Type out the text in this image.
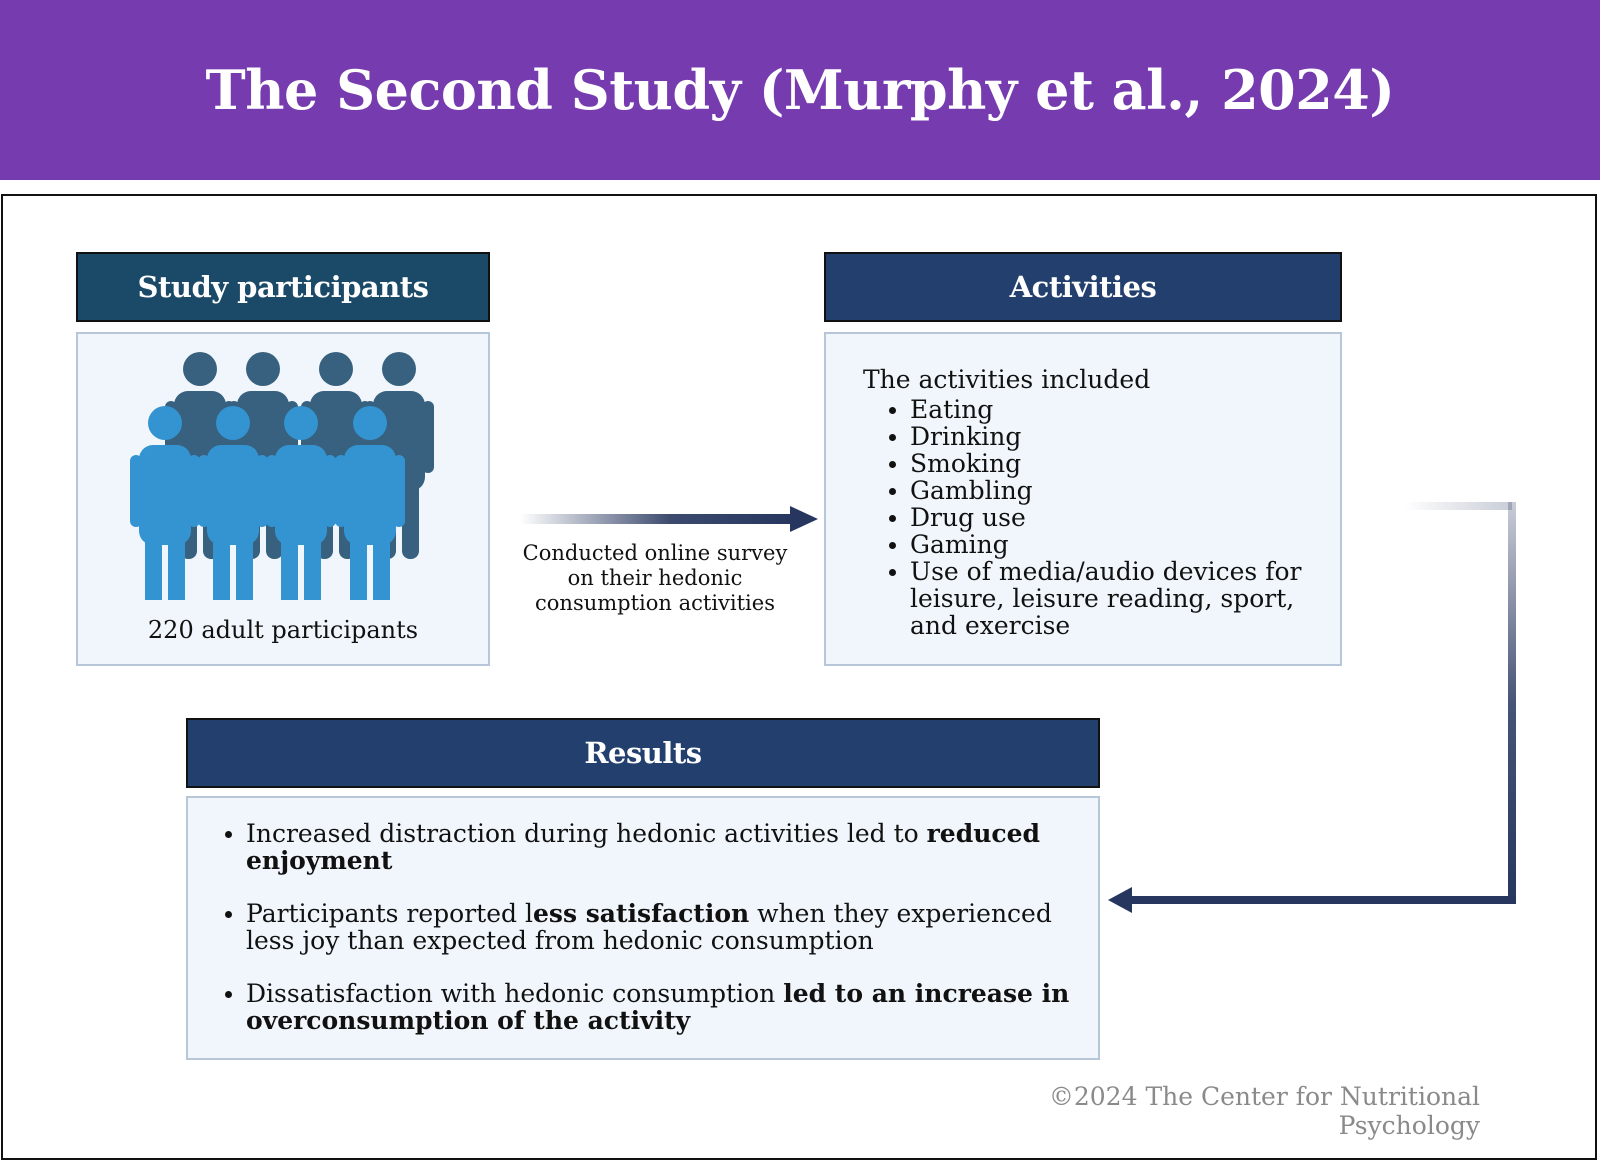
The Second Study (Murphy et al., 2024)
Study participants
220 adult participants
Activities
The activities included
Eating
Drinking
Smoking
Gambling
Drug use
Gaming
Use of media/audio devices for leisure, leisure reading, sport, and exercise
Conducted online survey on their hedonic consumption activities
Results
Increased distraction during hedonic activities led to reduced enjoyment
Participants reported less satisfaction when they experienced less joy than expected from hedonic consumption
Dissatisfaction with hedonic consumption led to an increase in overconsumption of the activity
©2024 The Center for Nutritional Psychology
